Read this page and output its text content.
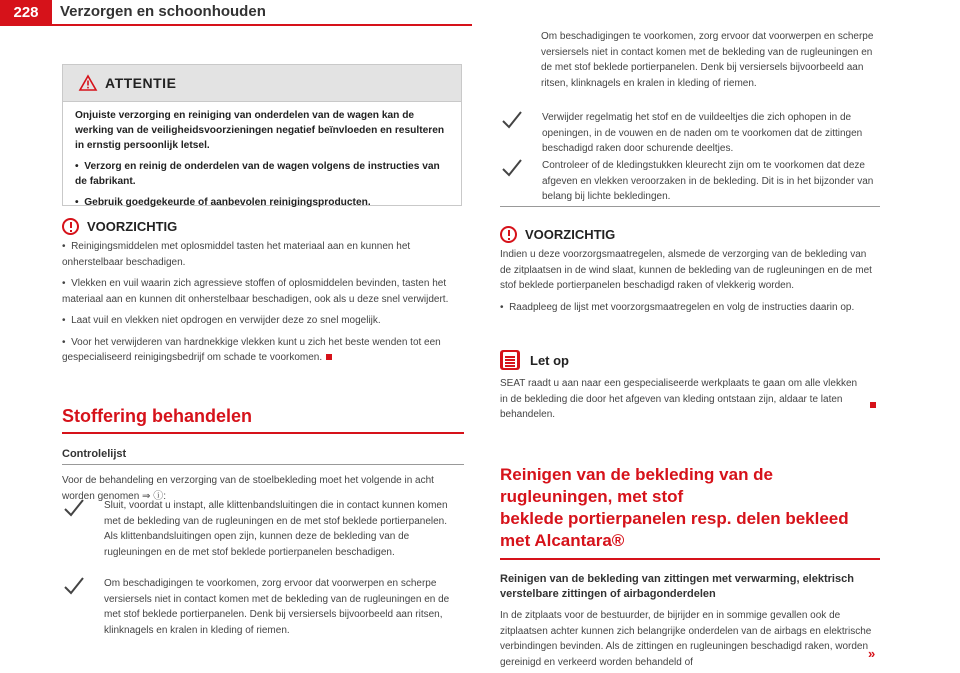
228	Verzorgen en schoonhouden
ATTENTIE

Onjuiste verzorging en reiniging van onderdelen van de wagen kan de werking van de veiligheidsvoorzieningen negatief beïnvloeden en resulteren in ernstig persoonlijk letsel.

•  Verzorg en reinig de onderdelen van de wagen volgens de instructies van de fabrikant.

•  Gebruik goedgekeurde of aanbevolen reinigingsproducten.

VOORZICHTIG

•  Reinigingsmiddelen met oplosmiddel tasten het materiaal aan en kunnen het onherstelbaar beschadigen.

•  Vlekken en vuil waarin zich agressieve stoffen of oplosmiddelen bevinden, tasten het materiaal aan en kunnen dit onherstelbaar beschadigen, ook als u deze snel verwijdert.

•  Laat vuil en vlekken niet opdrogen en verwijder deze zo snel mogelijk.

•  Voor het verwijderen van hardnekkige vlekken kunt u zich het beste wenden tot een gespecialiseerd reinigingsbedrijf om schade te voorkomen.

Stoffering behandelen
Controlelijst

Voor de behandeling en verzorging van de stoelbekleding moet het volgende in acht worden genomen ⇒ ⓘ:

Sluit, voordat u instapt, alle klittenbandsluitingen die in contact kunnen komen met de bekleding van de rugleuningen en de met stof beklede portierpanelen. Als klittenbandsluitingen open zijn, kunnen deze de bekleding van de rugleuningen en de met stof beklede portierpanelen beschadigen.
Om beschadigingen te voorkomen, zorg ervoor dat voorwerpen en scherpe versiersels niet in contact komen met de bekleding van de rugleuningen en de met stof beklede portierpanelen. Denk bij versiersels bijvoorbeeld aan ritsen, klinknagels en kralen in kleding of riemen.
Om beschadigingen te voorkomen, zorg ervoor dat voorwerpen en scherpe versiersels niet in contact komen met de bekleding van de rugleuningen en de met stof beklede portierpanelen. Denk bij versiersels bijvoorbeeld aan ritsen, klinknagels en kralen in kleding of riemen.
Verwijder regelmatig het stof en de vuildeeltjes die zich ophopen in de openingen, in de vouwen en de naden om te voorkomen dat de zittingen beschadigd raken door schurende deeltjes.
Controleer of de kledingstukken kleurecht zijn om te voorkomen dat deze afgeven en vlekken veroorzaken in de bekleding. Dit is in het bijzonder van belang bij lichte bekledingen.
VOORZICHTIG

Indien u deze voorzorgsmaatregelen, alsmede de verzorging van de bekleding van de zitplaatsen in de wind slaat, kunnen de bekleding van de rugleuningen en de met stof beklede portierpanelen beschadigd raken of vlekkerig worden.

•  Raadpleeg de lijst met voorzorgsmaatregelen en volg de instructies daarin op.

Let op

SEAT raadt u aan naar een gespecialiseerde werkplaats te gaan om alle vlekken in de bekleding die door het afgeven van kleding ontstaan zijn, aldaar te laten behandelen.

Reinigen van de bekleding van de rugleuningen, met stof
beklede portierpanelen resp. delen bekleed met Alcantara®
Reinigen van de bekleding van zittingen met verwarming, elektrisch verstelbare zittingen of airbagonderdelen

In de zitplaats voor de bestuurder, de bijrijder en in sommige gevallen ook de zitplaatsen achter kunnen zich belangrijke onderdelen van de airbags en elektrische verbindingen bevinden. Als de zittingen en rugleuningen beschadigd raken, worden gereinigd en verkeerd worden behandeld of

»
